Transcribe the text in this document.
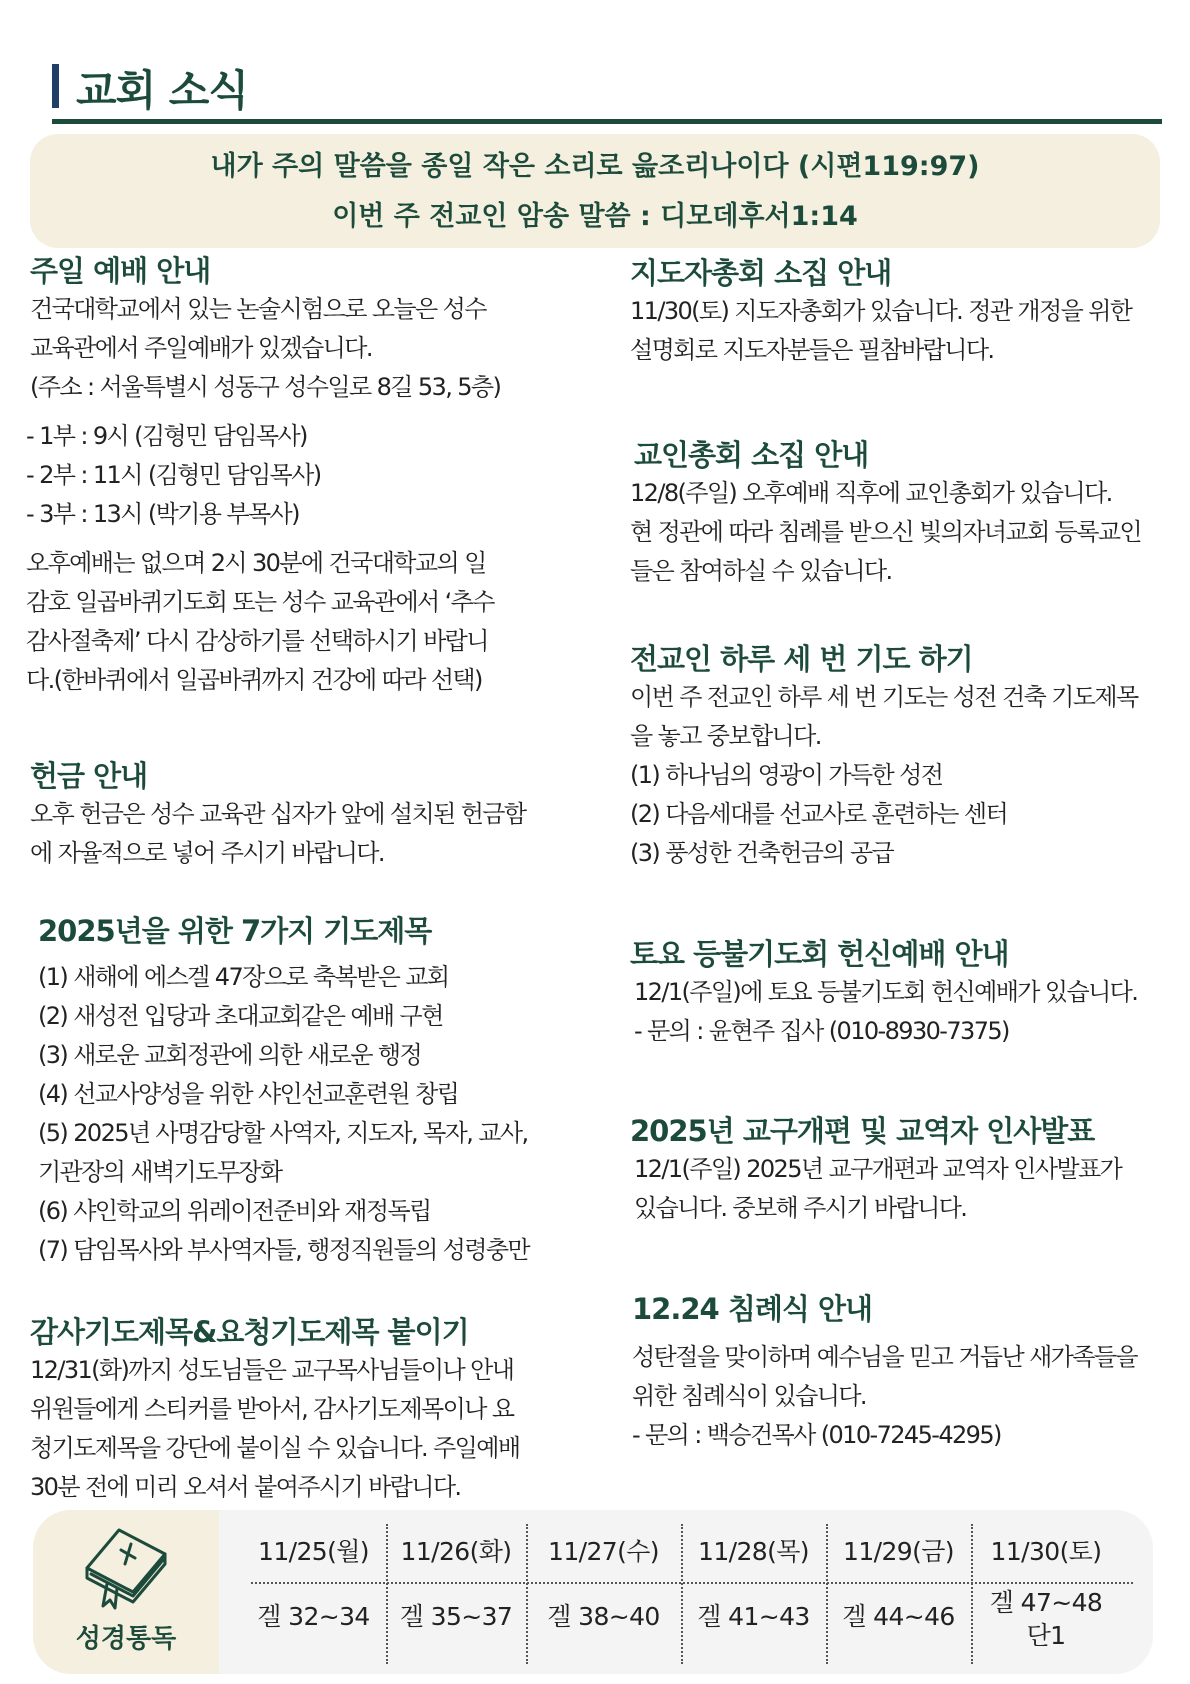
교회 소식
내가 주의 말씀을 종일 작은 소리로 읊조리나이다 (시편119:97)
이번 주 전교인 암송 말씀 : 디모데후서1:14
주일 예배 안내
건국대학교에서 있는 논술시험으로 오늘은 성수
교육관에서 주일예배가 있겠습니다.
(주소 : 서울특별시 성동구 성수일로 8길 53, 5층)
- 1부 : 9시 (김형민 담임목사)
- 2부 : 11시 (김형민 담임목사)
- 3부 : 13시 (박기용 부목사)
오후예배는 없으며 2시 30분에 건국대학교의 일
감호 일곱바퀴기도회 또는 성수 교육관에서 ‘추수
감사절축제’ 다시 감상하기를 선택하시기 바랍니
다.(한바퀴에서 일곱바퀴까지 건강에 따라 선택)
헌금 안내
오후 헌금은 성수 교육관 십자가 앞에 설치된 헌금함
에 자율적으로 넣어 주시기 바랍니다.
2025년을 위한 7가지 기도제목
(1) 새해에 에스겔 47장으로 축복받은 교회
(2) 새성전 입당과 초대교회같은 예배 구현
(3) 새로운 교회정관에 의한 새로운 행정
(4) 선교사양성을 위한 샤인선교훈련원 창립
(5) 2025년 사명감당할 사역자, 지도자, 목자, 교사,
기관장의 새벽기도무장화
(6) 샤인학교의 위레이전준비와 재정독립
(7) 담임목사와 부사역자들, 행정직원들의 성령충만
감사기도제목&요청기도제목 붙이기
12/31(화)까지 성도님들은 교구목사님들이나 안내
위원들에게 스티커를 받아서, 감사기도제목이나 요
청기도제목을 강단에 붙이실 수 있습니다. 주일예배
30분 전에 미리 오셔서 붙여주시기 바랍니다.
지도자총회 소집 안내
11/30(토) 지도자총회가 있습니다. 정관 개정을 위한
설명회로 지도자분들은 필참바랍니다.
교인총회 소집 안내
12/8(주일) 오후예배 직후에 교인총회가 있습니다.
현 정관에 따라 침례를 받으신 빛의자녀교회 등록교인
들은 참여하실 수 있습니다.
전교인 하루 세 번 기도 하기
이번 주 전교인 하루 세 번 기도는 성전 건축 기도제목
을 놓고 중보합니다.
(1) 하나님의 영광이 가득한 성전
(2) 다음세대를 선교사로 훈련하는 센터
(3) 풍성한 건축헌금의 공급
토요 등불기도회 헌신예배 안내
12/1(주일)에 토요 등불기도회 헌신예배가 있습니다.
- 문의 : 윤현주 집사 (010-8930-7375)
2025년 교구개편 및 교역자 인사발표
12/1(주일) 2025년 교구개편과 교역자 인사발표가
있습니다. 중보해 주시기 바랍니다.
12.24 침례식 안내
성탄절을 맞이하며 예수님을 믿고 거듭난 새가족들을
위한 침례식이 있습니다.
- 문의 : 백승건목사 (010-7245-4295)
성경통독
11/25(월)
겔 32~34
11/26(화)
겔 35~37
11/27(수)
겔 38~40
11/28(목)
겔 41~43
11/29(금)
겔 44~46
11/30(토)
겔 47~48
단1
